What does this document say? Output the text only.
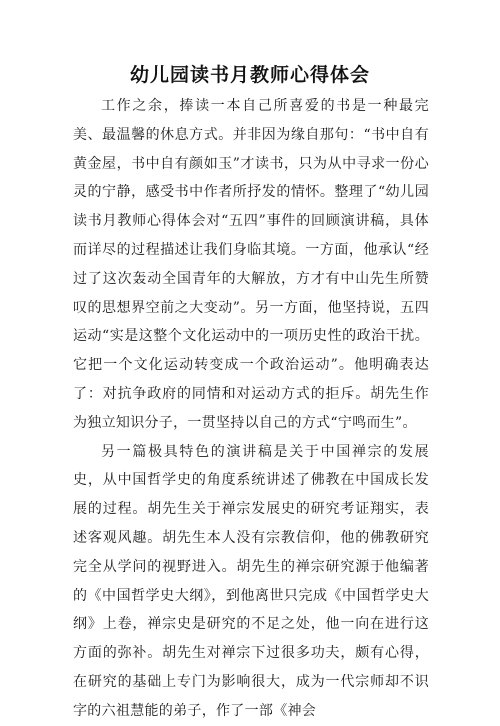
幼儿园读书月教师心得体会

工作之余，捧读一本自己所喜爱的书是一种最完美、最温馨的休息方式。并非因为缘自那句：“书中自有黄金屋，书中自有颜如玉”才读书，只为从中寻求一份心灵的宁静，感受书中作者所抒发的情怀。整理了“幼儿园读书月教师心得体会对“五四”事件的回顾演讲稿，具体而详尽的过程描述让我们身临其境。一方面，他承认“经过了这次轰动全国青年的大解放，方才有中山先生所赞叹的思想界空前之大变动”。另一方面，他坚持说，五四运动“实是这整个文化运动中的一项历史性的政治干扰。它把一个文化运动转变成一个政治运动”。他明确表达了：对抗争政府的同情和对运动方式的拒斥。胡先生作为独立知识分子，一贯坚持以自己的方式“宁鸣而生”。

另一篇极具特色的演讲稿是关于中国禅宗的发展史，从中国哲学史的角度系统讲述了佛教在中国成长发展的过程。胡先生关于禅宗发展史的研究考证翔实，表述客观风趣。胡先生本人没有宗教信仰，他的佛教研究完全从学问的视野进入。胡先生的禅宗研究源于他编著的《中国哲学史大纲》，到他离世只完成《中国哲学史大纲》上卷，禅宗史是研究的不足之处，他一向在进行这方面的弥补。胡先生对禅宗下过很多功夫，颇有心得，在研究的基础上专门为影响很大，成为一代宗师却不识字的六祖慧能的弟子，作了一部《神会
